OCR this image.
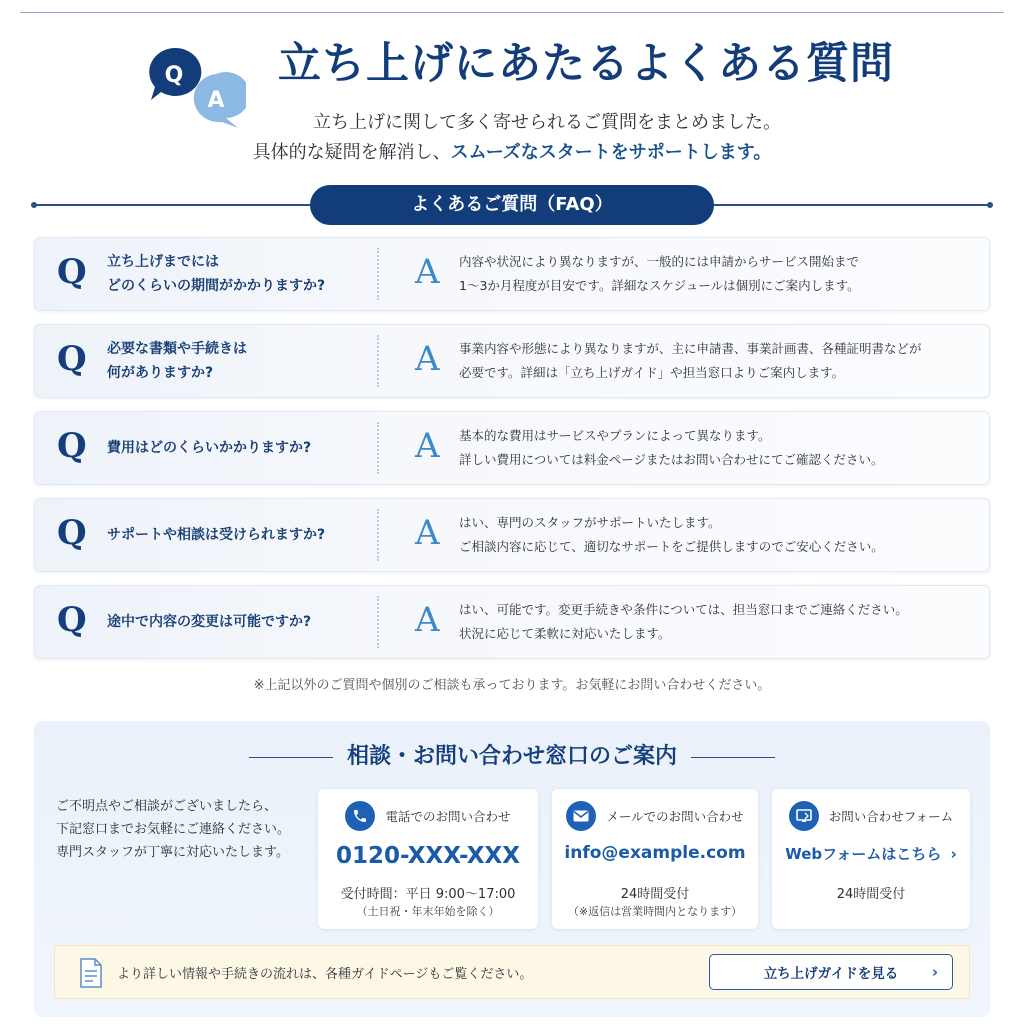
Q
A
立ち上げにあたるよくある質問
立ち上げに関して多く寄せられるご質問をまとめました。
具体的な疑問を解消し、スムーズなスタートをサポートします。
よくあるご質問（FAQ）
Q 立ち上げまでには
どのくらいの期間がかかりますか?	A 内容や状況により異なりますが、一般的には申請からサービス開始まで
1〜3か月程度が目安です。詳細なスケジュールは個別にご案内します。
Q 必要な書類や手続きは
何がありますか?	A 事業内容や形態により異なりますが、主に申請書、事業計画書、各種証明書などが
必要です。詳細は「立ち上げガイド」や担当窓口よりご案内します。
Q 費用はどのくらいかかりますか?	A 基本的な費用はサービスやプランによって異なります。
詳しい費用については料金ページまたはお問い合わせにてご確認ください。
Q サポートや相談は受けられますか?	A はい、専門のスタッフがサポートいたします。
ご相談内容に応じて、適切なサポートをご提供しますのでご安心ください。
Q 途中で内容の変更は可能ですか?	A はい、可能です。変更手続きや条件については、担当窓口までご連絡ください。
状況に応じて柔軟に対応いたします。

※上記以外のご質問や個別のご相談も承っております。お気軽にお問い合わせください。

相談・お問い合わせ窓口のご案内

ご不明点やご相談がございましたら、
下記窓口までお気軽にご連絡ください。
専門スタッフが丁寧に対応いたします。

電話でのお問い合わせ
0120-XXX-XXX
受付時間：平日 9:00〜17:00
（土日祝・年末年始を除く）
メールでのお問い合わせ
info@example.com
24時間受付
（※返信は営業時間内となります）
お問い合わせフォーム
Webフォームはこちら ›
24時間受付
より詳しい情報や手続きの流れは、各種ガイドページもご覧ください。	立ち上げガイドを見る ›
